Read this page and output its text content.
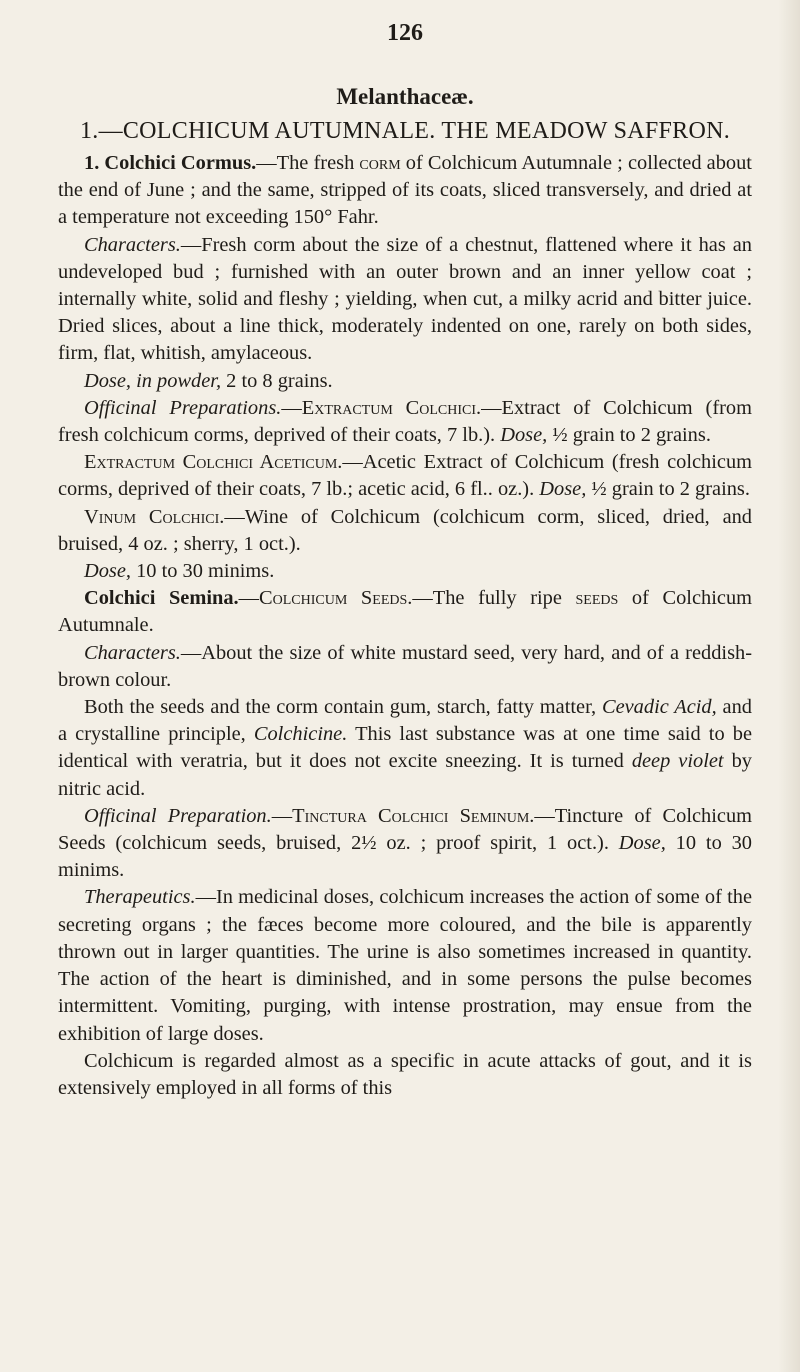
126
Melanthaceæ.
1.—COLCHICUM AUTUMNALE. THE MEADOW SAFFRON.

1. Colchici Cormus.—The fresh corm of Colchicum Autumnale ; collected about the end of June ; and the same, stripped of its coats, sliced transversely, and dried at a temperature not exceeding 150° Fahr.

Characters.—Fresh corm about the size of a chestnut, flattened where it has an undeveloped bud ; furnished with an outer brown and an inner yellow coat ; internally white, solid and fleshy ; yielding, when cut, a milky acrid and bitter juice. Dried slices, about a line thick, moderately indented on one, rarely on both sides, firm, flat, whitish, amylaceous.

Dose, in powder, 2 to 8 grains.

Officinal Preparations.—Extractum Colchici.—Extract of Colchicum (from fresh colchicum corms, deprived of their coats, 7 lb.). Dose, ½ grain to 2 grains.

Extractum Colchici Aceticum.—Acetic Extract of Colchicum (fresh colchicum corms, deprived of their coats, 7 lb.; acetic acid, 6 fl.. oz.). Dose, ½ grain to 2 grains.

Vinum Colchici.—Wine of Colchicum (colchicum corm, sliced, dried, and bruised, 4 oz. ; sherry, 1 oct.).

Dose, 10 to 30 minims.

Colchici Semina.—Colchicum Seeds.—The fully ripe seeds of Colchicum Autumnale.

Characters.—About the size of white mustard seed, very hard, and of a reddish-brown colour.

Both the seeds and the corm contain gum, starch, fatty matter, Cevadic Acid, and a crystalline principle, Colchicine. This last substance was at one time said to be identical with veratria, but it does not excite sneezing. It is turned deep violet by nitric acid.

Officinal Preparation.—Tinctura Colchici Seminum.—Tincture of Colchicum Seeds (colchicum seeds, bruised, 2½ oz. ; proof spirit, 1 oct.). Dose, 10 to 30 minims.

Therapeutics.—In medicinal doses, colchicum increases the action of some of the secreting organs ; the fæces become more coloured, and the bile is apparently thrown out in larger quantities. The urine is also sometimes increased in quantity. The action of the heart is diminished, and in some persons the pulse becomes intermittent. Vomiting, purging, with intense prostration, may ensue from the exhibition of large doses.

Colchicum is regarded almost as a specific in acute attacks of gout, and it is extensively employed in all forms of this
